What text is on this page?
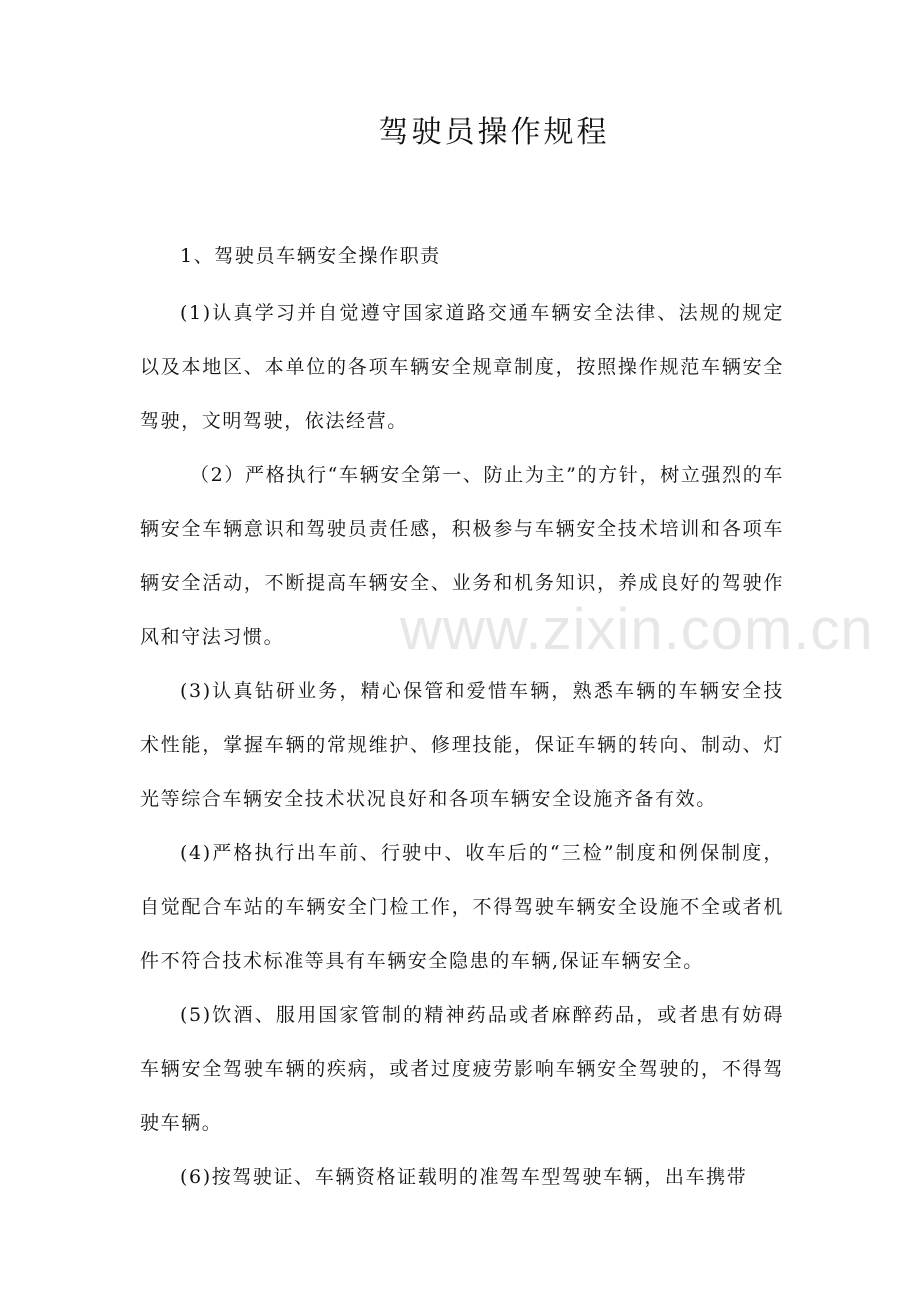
www.zixin.com.cn
驾驶员操作规程

1、驾驶员车辆安全操作职责

(1)认真学习并自觉遵守国家道路交通车辆安全法律、法规的规定以及本地区、本单位的各项车辆安全规章制度，按照操作规范车辆安全驾驶，文明驾驶，依法经营。

（2）严格执行“车辆安全第一、防止为主”的方针，树立强烈的车辆安全车辆意识和驾驶员责任感，积极参与车辆安全技术培训和各项车辆安全活动，不断提高车辆安全、业务和机务知识，养成良好的驾驶作风和守法习惯。

(3)认真钻研业务，精心保管和爱惜车辆，熟悉车辆的车辆安全技术性能，掌握车辆的常规维护、修理技能，保证车辆的转向、制动、灯光等综合车辆安全技术状况良好和各项车辆安全设施齐备有效。

(4)严格执行出车前、行驶中、收车后的“三检”制度和例保制度，自觉配合车站的车辆安全门检工作，不得驾驶车辆安全设施不全或者机件不符合技术标准等具有车辆安全隐患的车辆,保证车辆安全。

(5)饮酒、服用国家管制的精神药品或者麻醉药品，或者患有妨碍车辆安全驾驶车辆的疾病，或者过度疲劳影响车辆安全驾驶的，不得驾驶车辆。

(6)按驾驶证、车辆资格证载明的准驾车型驾驶车辆，出车携带
